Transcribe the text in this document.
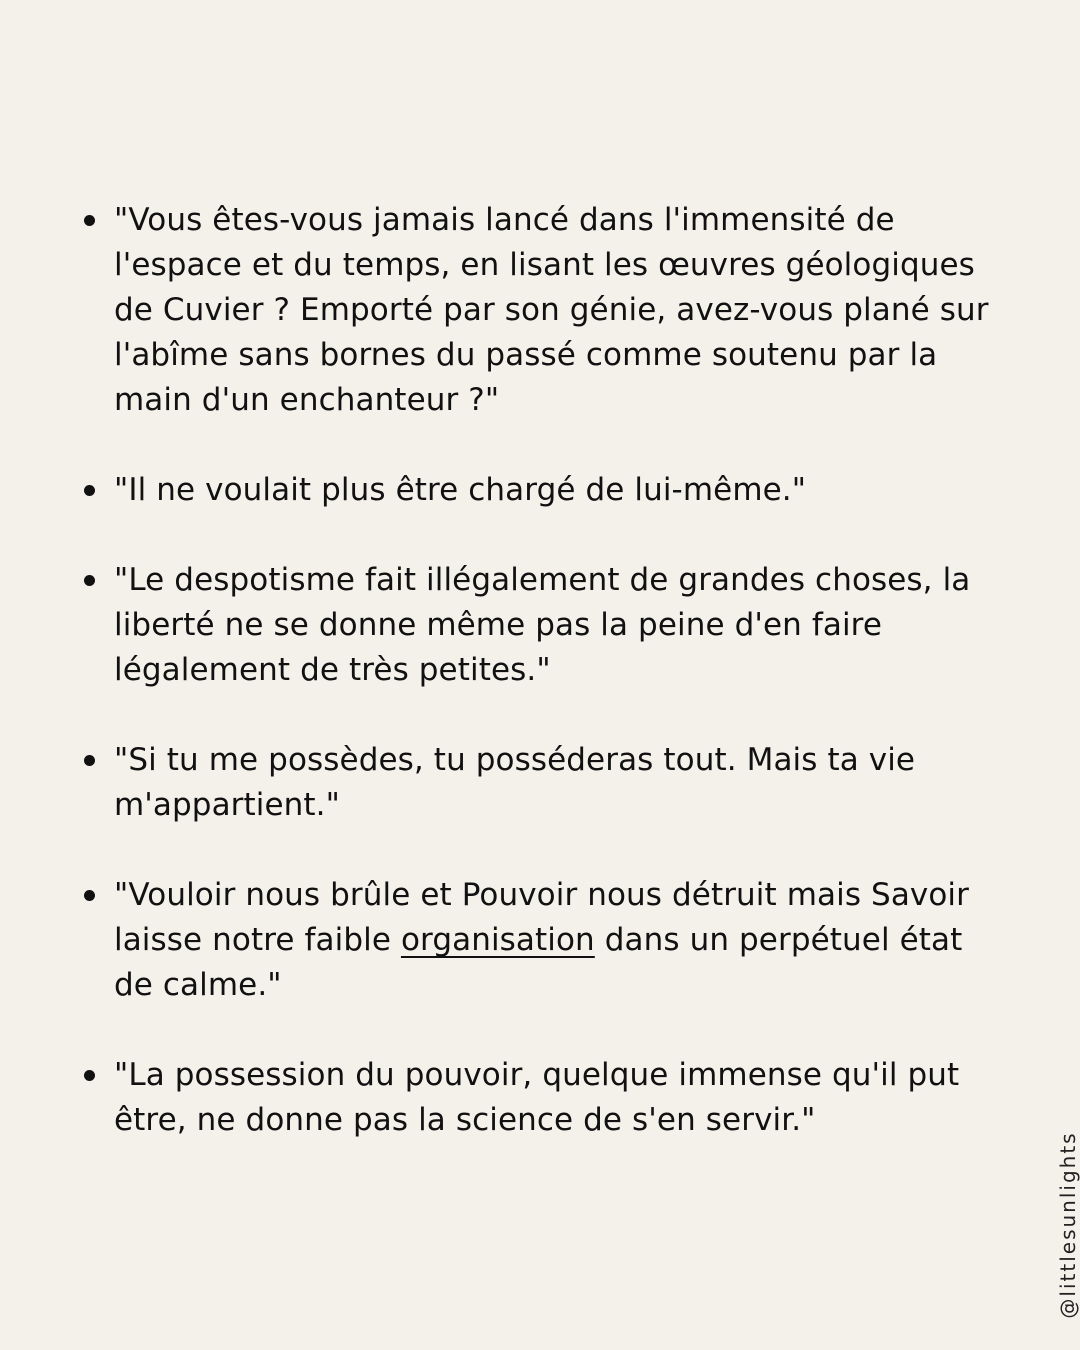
"Vous êtes-vous jamais lancé dans l'immensité de l'espace et du temps, en lisant les œuvres géologiques de Cuvier ? Emporté par son génie, avez-vous plané sur l'abîme sans bornes du passé comme soutenu par la main d'un enchanteur ?"
"Il ne voulait plus être chargé de lui-même."
"Le despotisme fait illégalement de grandes choses, la liberté ne se donne même pas la peine d'en faire légalement de très petites."
"Si tu me possèdes, tu posséderas tout. Mais ta vie m'appartient."
"Vouloir nous brûle et Pouvoir nous détruit mais Savoir laisse notre faible organisation dans un perpétuel état de calme."
"La possession du pouvoir, quelque immense qu'il put être, ne donne pas la science de s'en servir."
@littlesunlights
